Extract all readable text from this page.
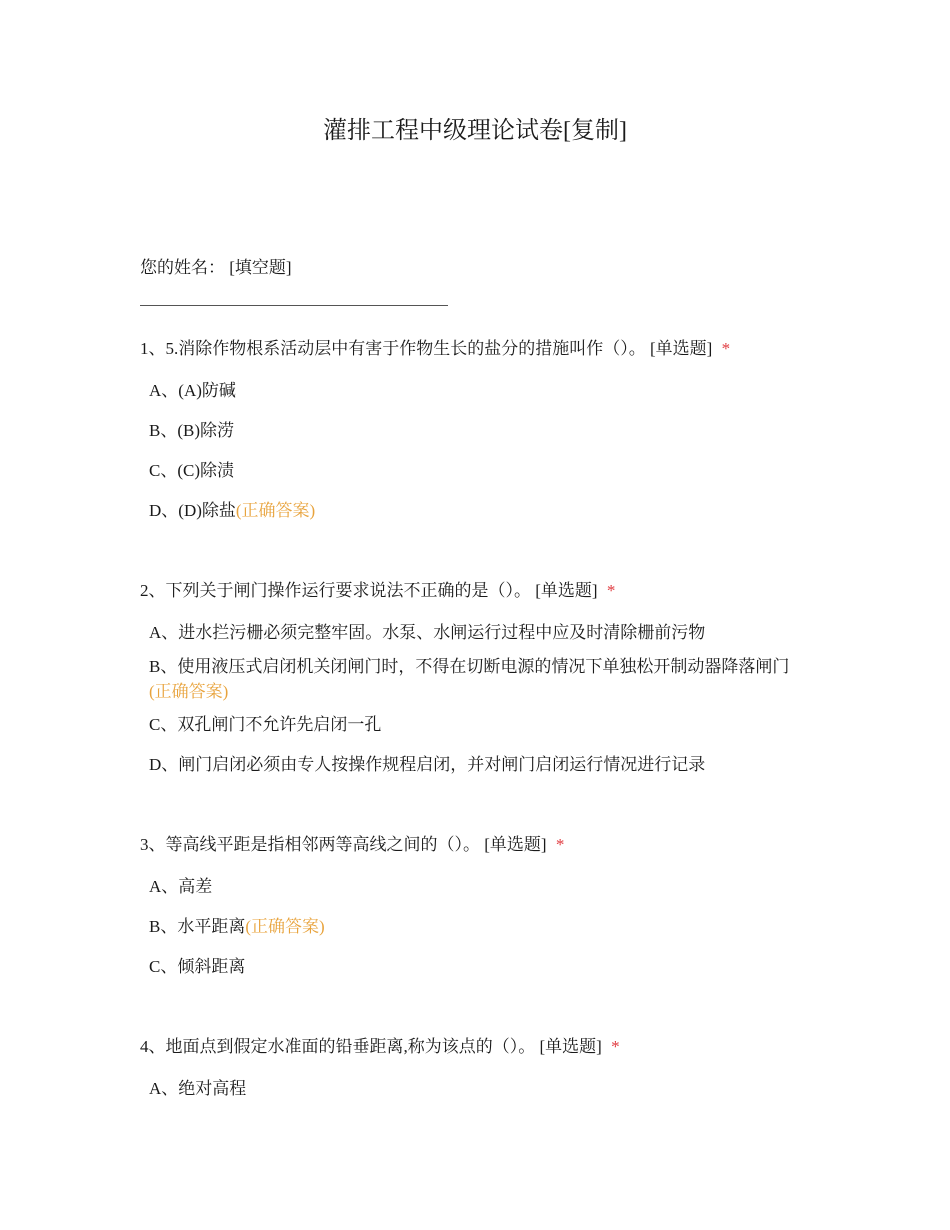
灌排工程中级理论试卷[复制]
您的姓名： [填空题]
1、5.消除作物根系活动层中有害于作物生长的盐分的措施叫作（）。 [单选题] *
A、(A)防碱
B、(B)除涝
C、(C)除渍
D、(D)除盐(正确答案)
2、下列关于闸门操作运行要求说法不正确的是（）。 [单选题] *
A、进水拦污栅必须完整牢固。水泵、水闸运行过程中应及时清除栅前污物
B、使用液压式启闭机关闭闸门时，不得在切断电源的情况下单独松开制动器降落闸门(正确答案)
C、双孔闸门不允许先启闭一孔
D、闸门启闭必须由专人按操作规程启闭，并对闸门启闭运行情况进行记录
3、等高线平距是指相邻两等高线之间的（）。 [单选题] *
A、高差
B、水平距离(正确答案)
C、倾斜距离
4、地面点到假定水准面的铅垂距离,称为该点的（）。 [单选题] *
A、绝对高程
